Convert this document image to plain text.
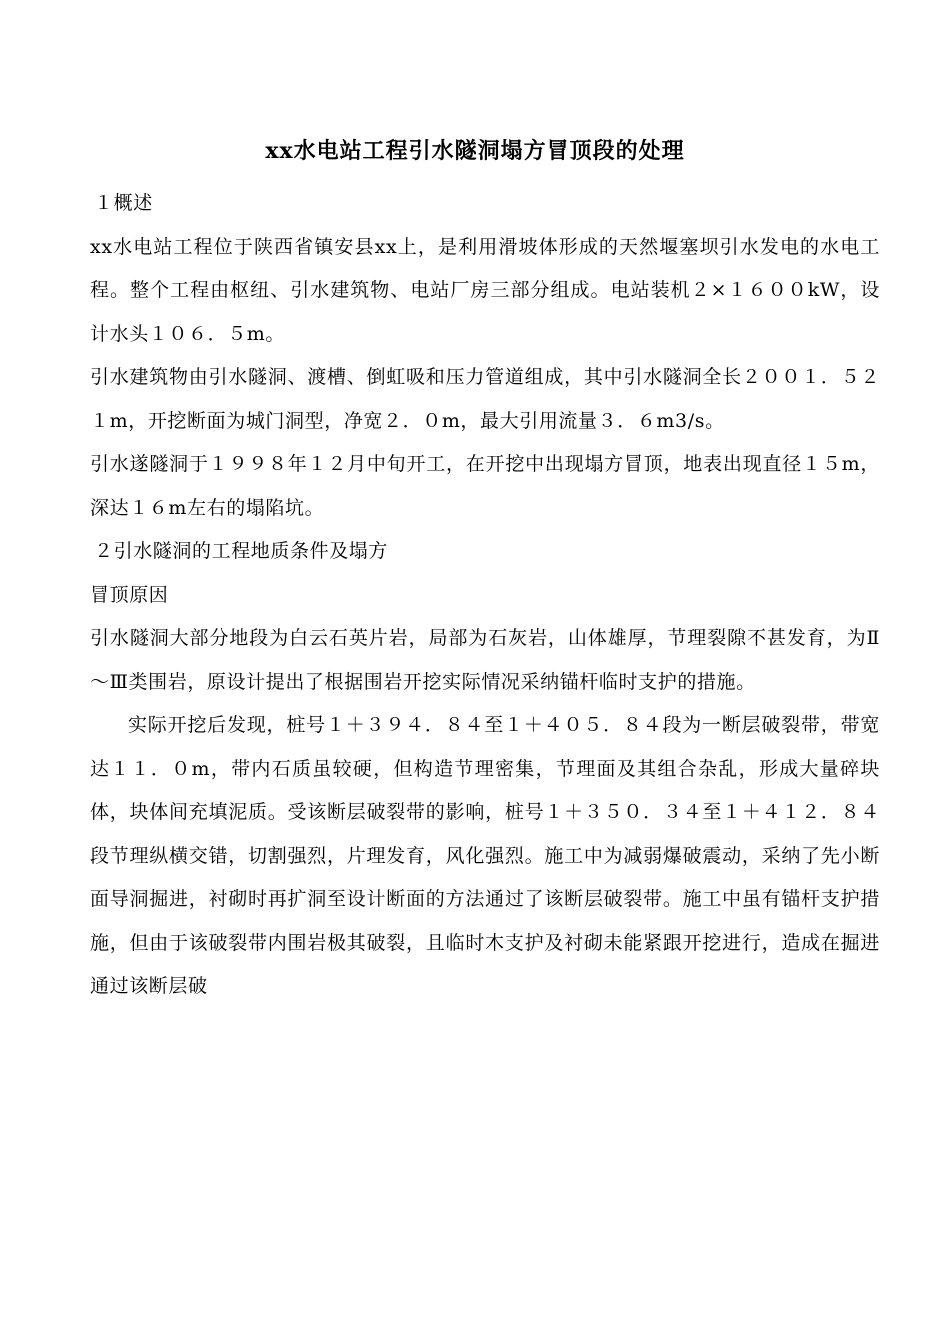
xx水电站工程引水隧洞塌方冒顶段的处理

１概述

xx水电站工程位于陕西省镇安县xx上，是利用滑坡体形成的天然堰塞坝引水发电的水电工程。整个工程由枢纽、引水建筑物、电站厂房三部分组成。电站装机２×１６００kW，设计水头１０６．５m。

引水建筑物由引水隧洞、渡槽、倒虹吸和压力管道组成，其中引水隧洞全长２００１．５２１m，开挖断面为城门洞型，净宽２．０m，最大引用流量３．６m3/s。

引水遂隧洞于１９９８年１２月中旬开工，在开挖中出现塌方冒顶，地表出现直径１５m，深达１６m左右的塌陷坑。

２引水隧洞的工程地质条件及塌方

冒顶原因

引水隧洞大部分地段为白云石英片岩，局部为石灰岩，山体雄厚，节理裂隙不甚发育，为Ⅱ～Ⅲ类围岩，原设计提出了根据围岩开挖实际情况采纳锚杆临时支护的措施。

实际开挖后发现，桩号１＋３９４．８４至１＋４０５．８４段为一断层破裂带，带宽达１１．０m，带内石质虽较硬，但构造节理密集，节理面及其组合杂乱，形成大量碎块体，块体间充填泥质。受该断层破裂带的影响，桩号１＋３５０．３４至１＋４１２．８４段节理纵横交错，切割强烈，片理发育，风化强烈。施工中为减弱爆破震动，采纳了先小断面导洞掘进，衬砌时再扩洞至设计断面的方法通过了该断层破裂带。施工中虽有锚杆支护措施，但由于该破裂带内围岩极其破裂，且临时木支护及衬砌未能紧跟开挖进行，造成在掘进通过该断层破
